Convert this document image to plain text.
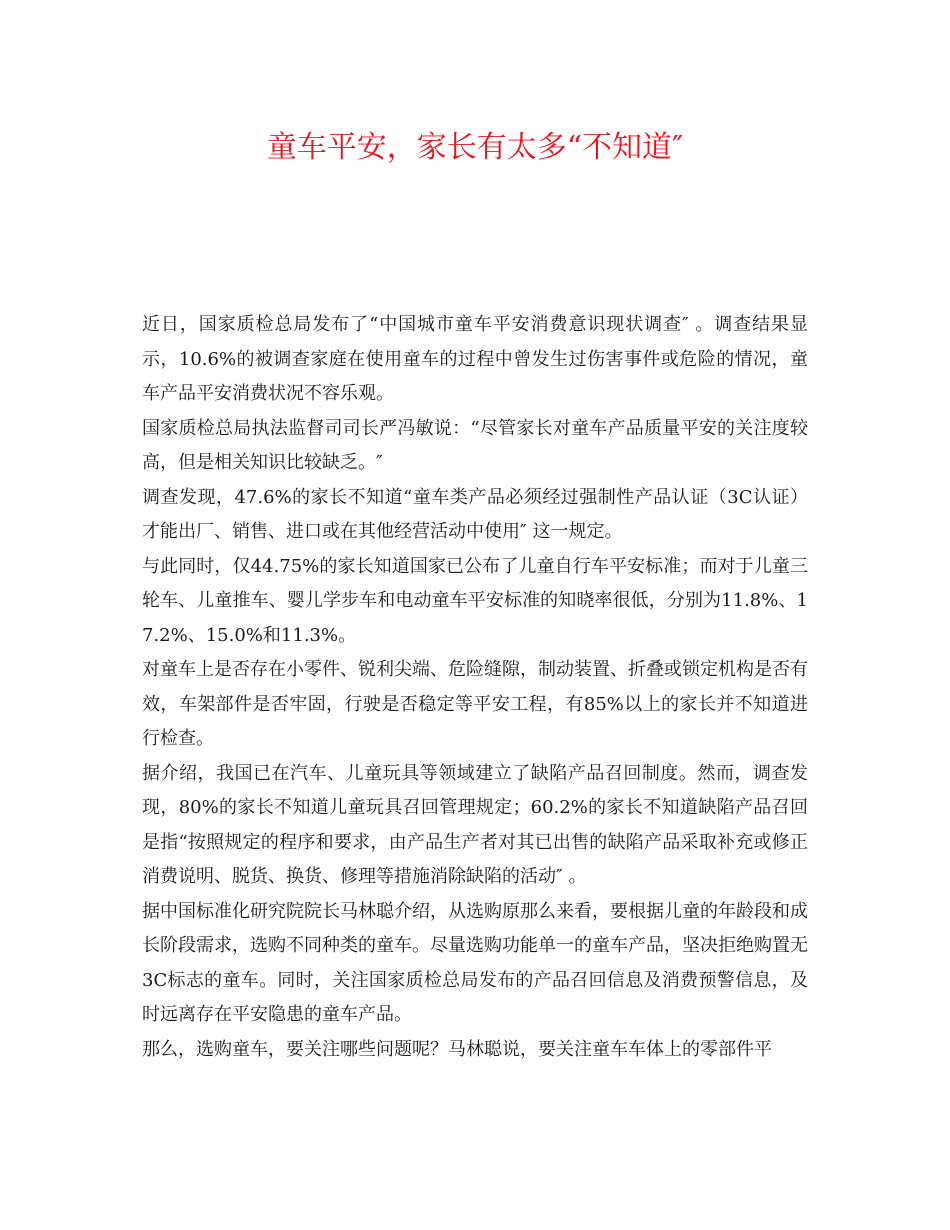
童车平安，家长有太多“不知道″

近日，国家质检总局发布了“中国城市童车平安消费意识现状调查″ 。调查结果显示，10.6%的被调查家庭在使用童车的过程中曾发生过伤害事件或危险的情况，童车产品平安消费状况不容乐观。

国家质检总局执法监督司司长严冯敏说：“尽管家长对童车产品质量平安的关注度较高，但是相关知识比较缺乏。″

调查发现，47.6%的家长不知道“童车类产品必须经过强制性产品认证（3C认证）才能出厂、销售、进口或在其他经营活动中使用″ 这一规定。

与此同时，仅44.75%的家长知道国家已公布了儿童自行车平安标准；而对于儿童三轮车、儿童推车、婴儿学步车和电动童车平安标准的知晓率很低，分别为11.8%、17.2%、15.0%和11.3%。

对童车上是否存在小零件、锐利尖端、危险缝隙，制动装置、折叠或锁定机构是否有效，车架部件是否牢固，行驶是否稳定等平安工程，有85%以上的家长并不知道进行检查。

据介绍，我国已在汽车、儿童玩具等领域建立了缺陷产品召回制度。然而，调查发现，80%的家长不知道儿童玩具召回管理规定；60.2%的家长不知道缺陷产品召回是指“按照规定的程序和要求，由产品生产者对其已出售的缺陷产品采取补充或修正消费说明、脱货、换货、修理等措施消除缺陷的活动″ 。

据中国标准化研究院院长马林聪介绍，从选购原那么来看，要根据儿童的年龄段和成长阶段需求，选购不同种类的童车。尽量选购功能单一的童车产品，坚决拒绝购置无3C标志的童车。同时，关注国家质检总局发布的产品召回信息及消费预警信息，及时远离存在平安隐患的童车产品。

那么，选购童车，要关注哪些问题呢？马林聪说，要关注童车车体上的零部件平
